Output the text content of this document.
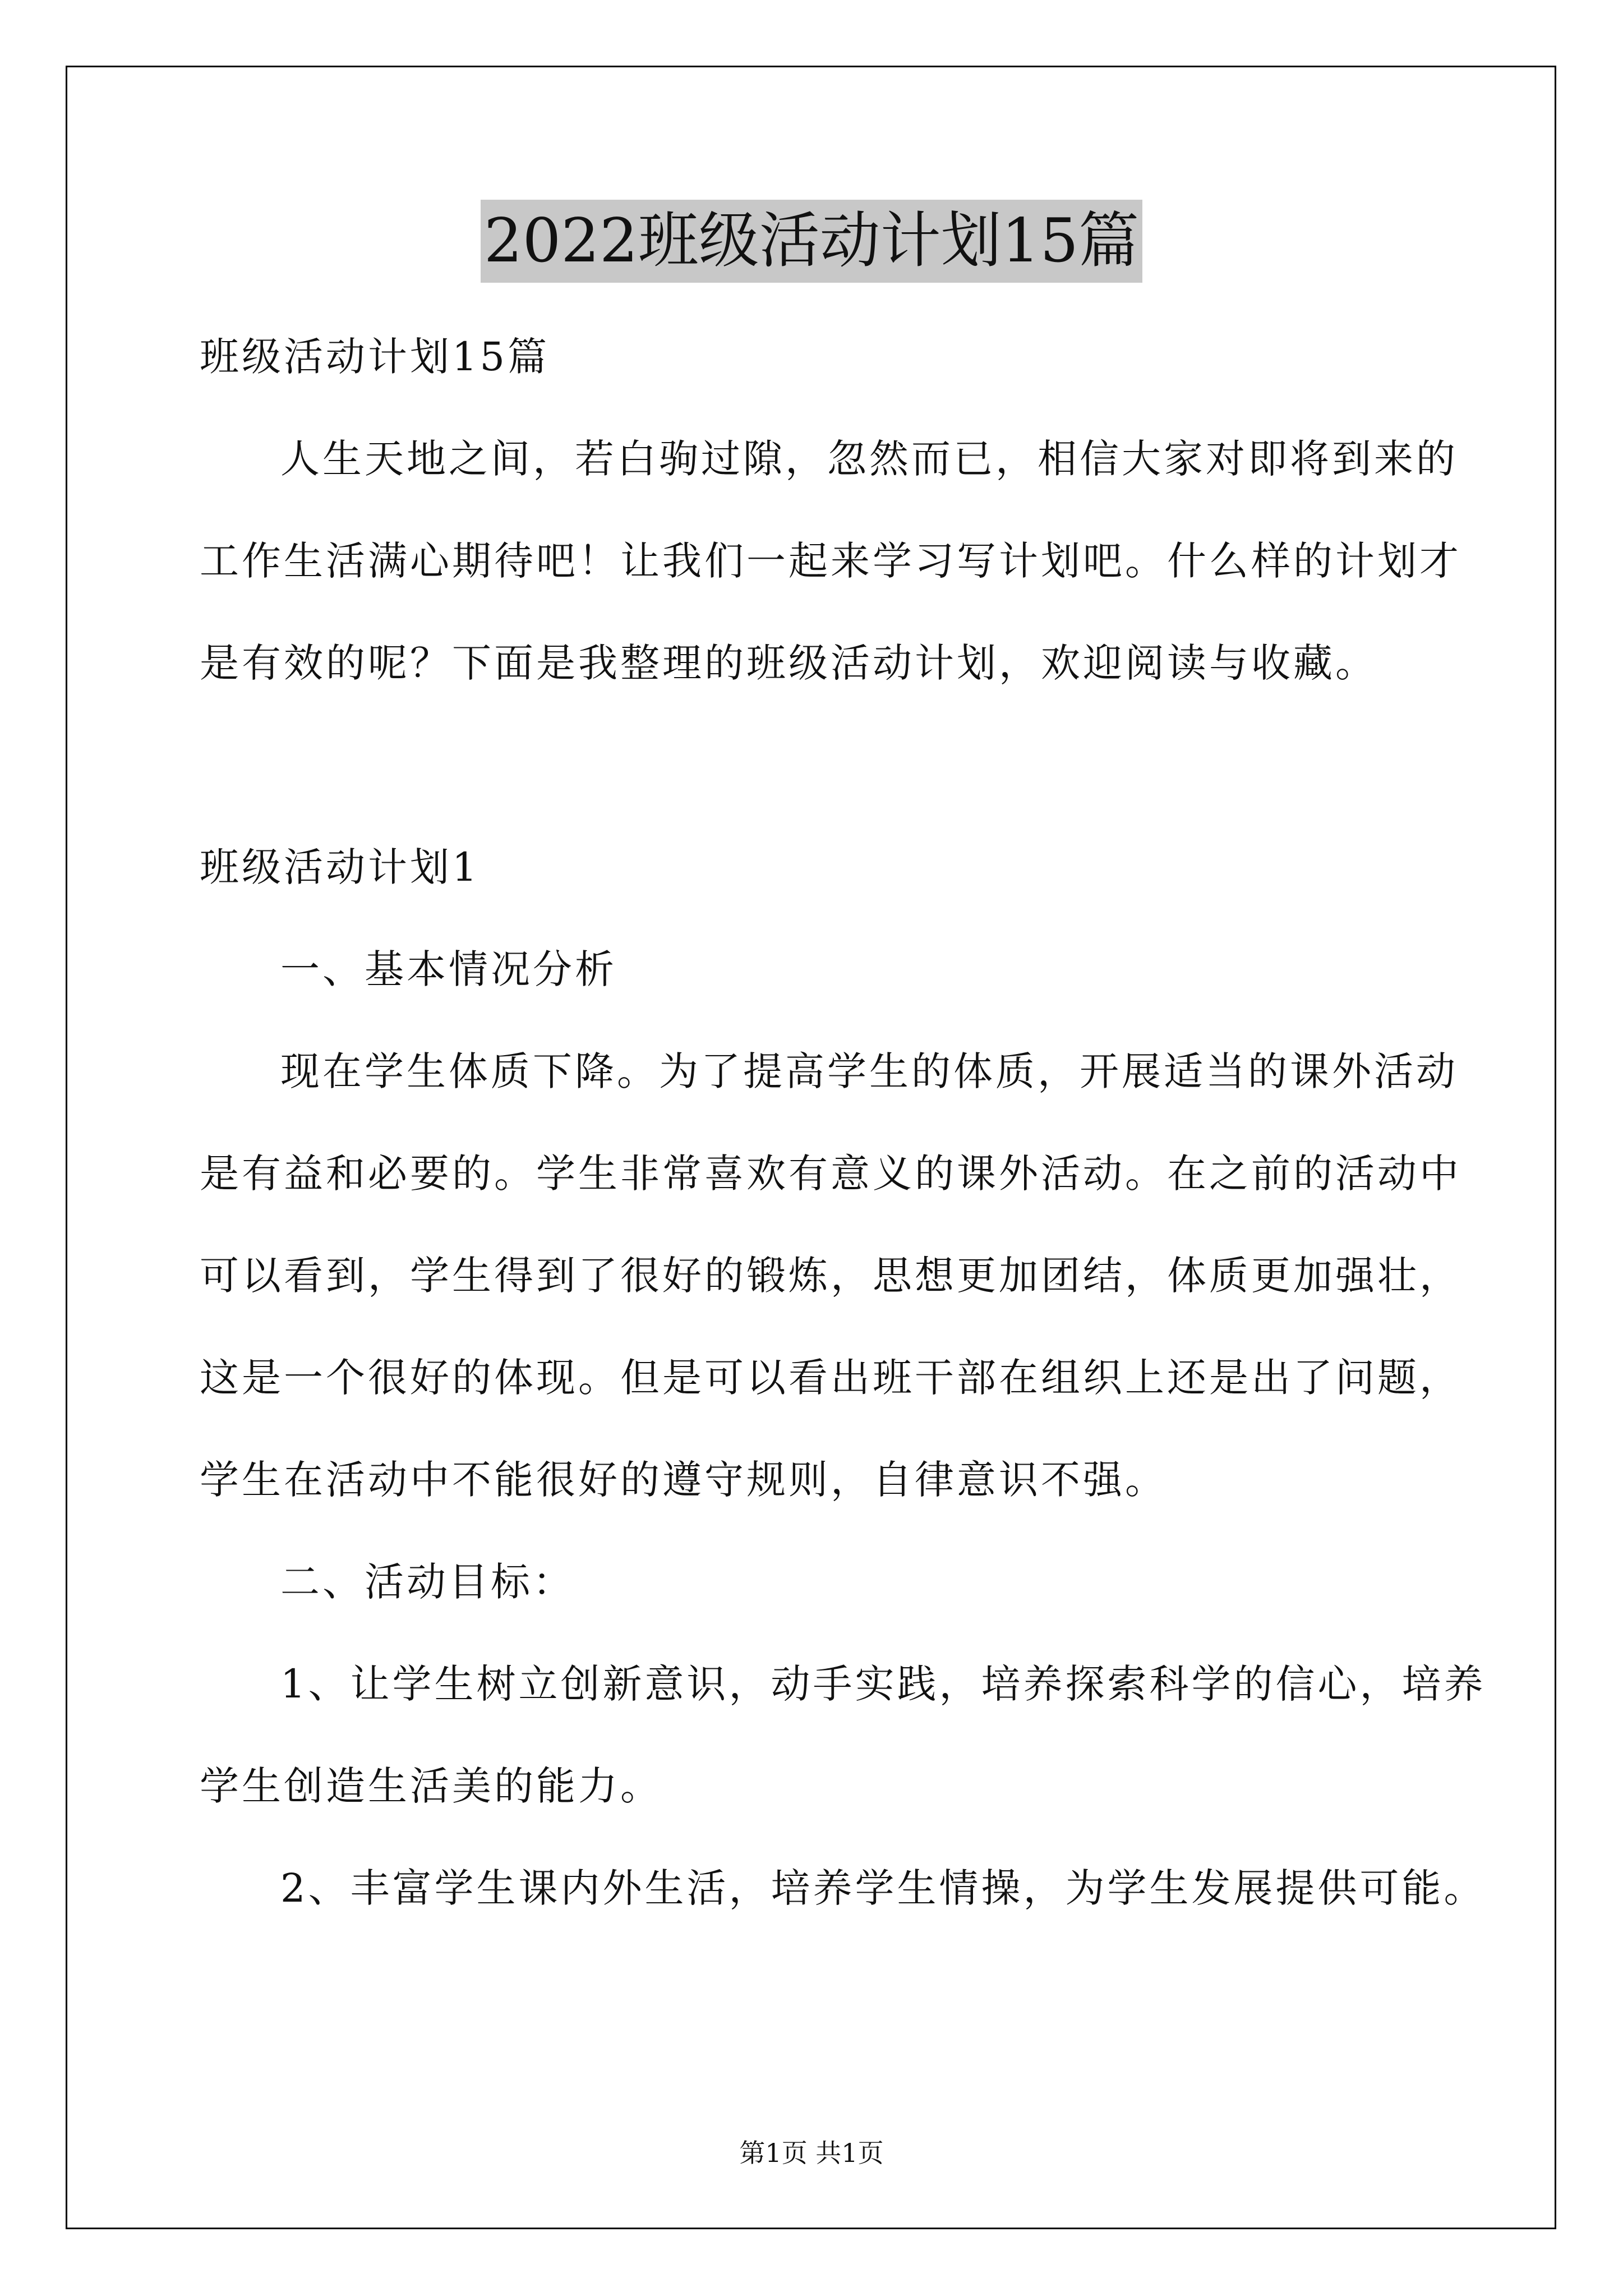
2022班级活动计划15篇

班级活动计划15篇

人生天地之间，若白驹过隙，忽然而已，相信大家对即将到来的

工作生活满心期待吧！让我们一起来学习写计划吧。什么样的计划才

是有效的呢？下面是我整理的班级活动计划，欢迎阅读与收藏。

班级活动计划1

一、基本情况分析

现在学生体质下降。为了提高学生的体质，开展适当的课外活动

是有益和必要的。学生非常喜欢有意义的课外活动。在之前的活动中

可以看到，学生得到了很好的锻炼，思想更加团结，体质更加强壮，

这是一个很好的体现。但是可以看出班干部在组织上还是出了问题，

学生在活动中不能很好的遵守规则，自律意识不强。

二、活动目标：

1、让学生树立创新意识，动手实践，培养探索科学的信心，培养

学生创造生活美的能力。

2、丰富学生课内外生活，培养学生情操，为学生发展提供可能。

第1页 共1页
